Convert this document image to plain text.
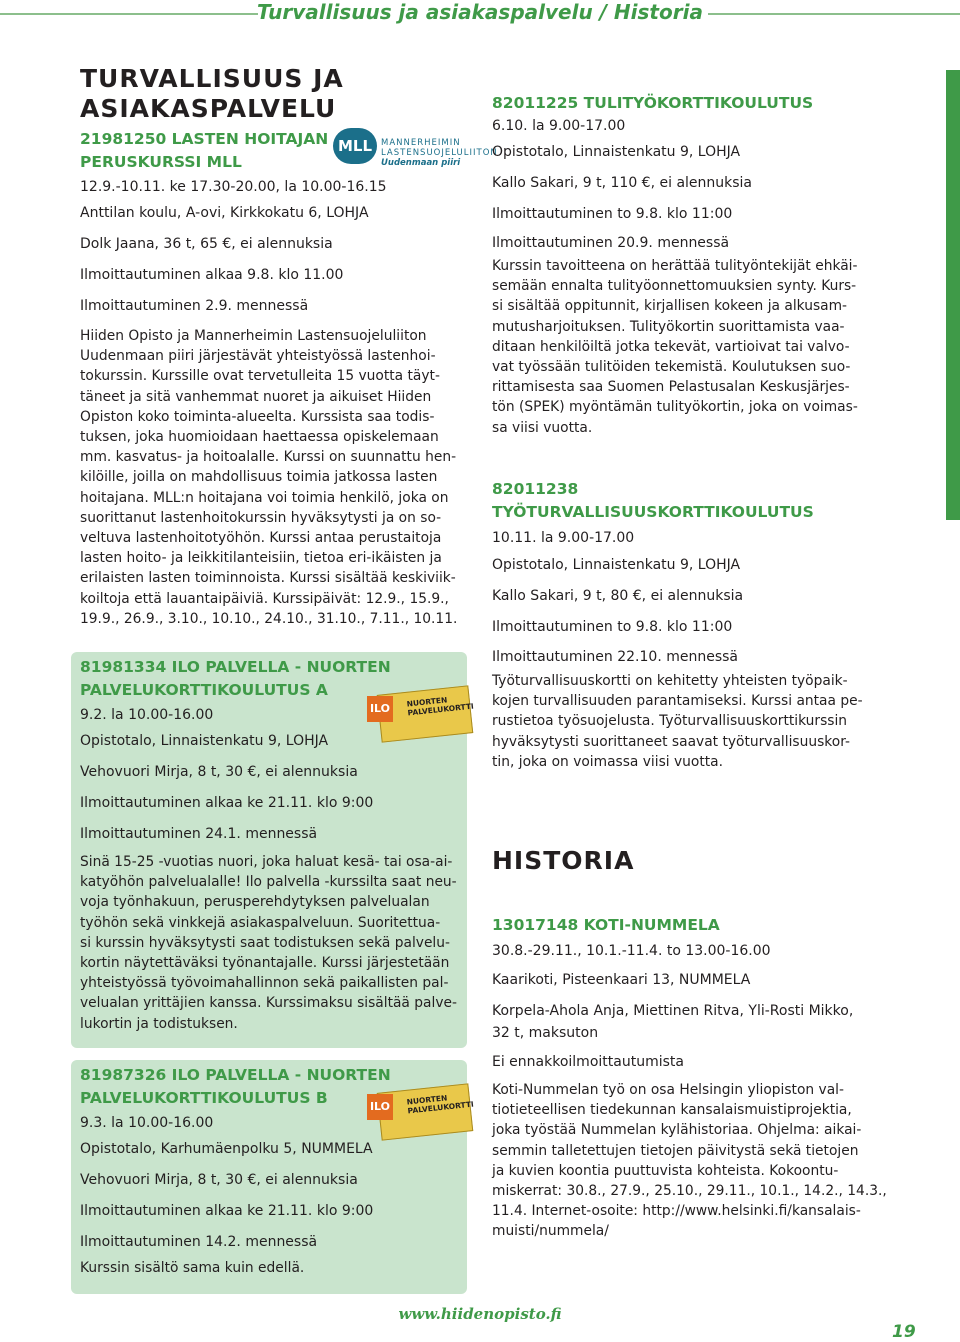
Turvallisuus ja asiakaspalvelu / Historia
TURVALLISUUS JA
ASIAKASPALVELU
21981250 LASTEN HOITAJAN
PERUSKURSSI MLL
12.9.-10.11. ke 17.30-20.00, la 10.00-16.15
Anttilan koulu, A-ovi, Kirkkokatu 6, LOHJA
Dolk Jaana, 36 t, 65 €, ei alennuksia
Ilmoittautuminen alkaa 9.8. klo 11.00
Ilmoittautuminen 2.9. mennessä
Hiiden Opisto ja Mannerheimin Lastensuojeluliiton
Uudenmaan piiri järjestävät yhteistyössä lastenhoi-
tokurssin. Kurssille ovat tervetulleita 15 vuotta täyt-
täneet ja sitä vanhemmat nuoret ja aikuiset Hiiden
Opiston koko toiminta-alueelta. Kurssista saa todis-
tuksen, joka huomioidaan haettaessa opiskelemaan
mm. kasvatus- ja hoitoalalle. Kurssi on suunnattu hen-
kilöille, joilla on mahdollisuus toimia jatkossa lasten
hoitajana. MLL:n hoitajana voi toimia henkilö, joka on
suorittanut lastenhoitokurssin hyväksytysti ja on so-
veltuva lastenhoitotyöhön. Kurssi antaa perustaitoja
lasten hoito- ja leikkitilanteisiin, tietoa eri-ikäisten ja
erilaisten lasten toiminnoista. Kurssi sisältää keskiviik-
koiltoja että lauantaipäiviä. Kurssipäivät: 12.9., 15.9.,
19.9., 26.9., 3.10., 10.10., 24.10., 31.10., 7.11., 10.11.
MLL	MANNERHEIMIN
LASTENSUOJELULIITON
Uudenmaan piiri
81981334 ILO PALVELLA - NUORTEN
PALVELUKORTTIKOULUTUS A
9.2. la 10.00-16.00
Opistotalo, Linnaistenkatu 9, LOHJA
Vehovuori Mirja, 8 t, 30 €, ei alennuksia
Ilmoittautuminen alkaa ke 21.11. klo 9:00
Ilmoittautuminen 24.1. mennessä
Sinä 15-25 -vuotias nuori, joka haluat kesä- tai osa-ai-
katyöhön palvelualalle! Ilo palvella -kurssilta saat neu-
voja työnhakuun, perusperehdytyksen palvelualan
työhön sekä vinkkejä asiakaspalveluun. Suoritettua-
si kurssin hyväksytysti saat todistuksen sekä palvelu-
kortin näytettäväksi työnantajalle. Kurssi järjestetään
yhteistyössä työvoimahallinnon sekä paikallisten pal-
velualan yrittäjien kanssa. Kurssimaksu sisältää palve-
lukortin ja todistuksen.
ILO	NUORTEN PALVELUKORTTI
81987326 ILO PALVELLA - NUORTEN
PALVELUKORTTIKOULUTUS B
9.3. la 10.00-16.00
Opistotalo, Karhumäenpolku 5, NUMMELA
Vehovuori Mirja, 8 t, 30 €, ei alennuksia
Ilmoittautuminen alkaa ke 21.11. klo 9:00
Ilmoittautuminen 14.2. mennessä
Kurssin sisältö sama kuin edellä.
ILO	NUORTEN PALVELUKORTTI
82011225 TULITYÖKORTTIKOULUTUS
6.10. la 9.00-17.00
Opistotalo, Linnaistenkatu 9, LOHJA
Kallo Sakari, 9 t, 110 €, ei alennuksia
Ilmoittautuminen to 9.8. klo 11:00
Ilmoittautuminen 20.9. mennessä
Kurssin tavoitteena on herättää tulityöntekijät ehkäi-
semään ennalta tulityöonnettomuuksien synty. Kurs-
si sisältää oppitunnit, kirjallisen kokeen ja alkusam-
mutusharjoituksen. Tulityökortin suorittamista vaa-
ditaan henkilöiltä jotka tekevät, vartioivat tai valvo-
vat työssään tulitöiden tekemistä. Koulutuksen suo-
rittamisesta saa Suomen Pelastusalan Keskusjärjes-
tön (SPEK) myöntämän tulityökortin, joka on voimas-
sa viisi vuotta.
82011238
TYÖTURVALLISUUSKORTTIKOULUTUS
10.11. la 9.00-17.00
Opistotalo, Linnaistenkatu 9, LOHJA
Kallo Sakari, 9 t, 80 €, ei alennuksia
Ilmoittautuminen to 9.8. klo 11:00
Ilmoittautuminen 22.10. mennessä
Työturvallisuuskortti on kehitetty yhteisten työpaik-
kojen turvallisuuden parantamiseksi. Kurssi antaa pe-
rustietoa työsuojelusta. Työturvallisuuskorttikurssin
hyväksytysti suorittaneet saavat työturvallisuuskor-
tin, joka on voimassa viisi vuotta.
HISTORIA
13017148 KOTI-NUMMELA
30.8.-29.11., 10.1.-11.4. to 13.00-16.00
Kaarikoti, Pisteenkaari 13, NUMMELA
Korpela-Ahola Anja, Miettinen Ritva, Yli-Rosti Mikko,
32 t, maksuton
Ei ennakkoilmoittautumista
Koti-Nummelan työ on osa Helsingin yliopiston val-
tiotieteellisen tiedekunnan kansalaismuistiprojektia,
joka työstää Nummelan kylähistoriaa. Ohjelma: aikai-
semmin talletettujen tietojen päivitystä sekä tietojen
ja kuvien koontia puuttuvista kohteista. Kokoontu-
miskerrat: 30.8., 27.9., 25.10., 29.11., 10.1., 14.2., 14.3.,
11.4. Internet-osoite: http://www.helsinki.fi/kansalais-
muisti/nummela/
www.hiidenopisto.fi
19
